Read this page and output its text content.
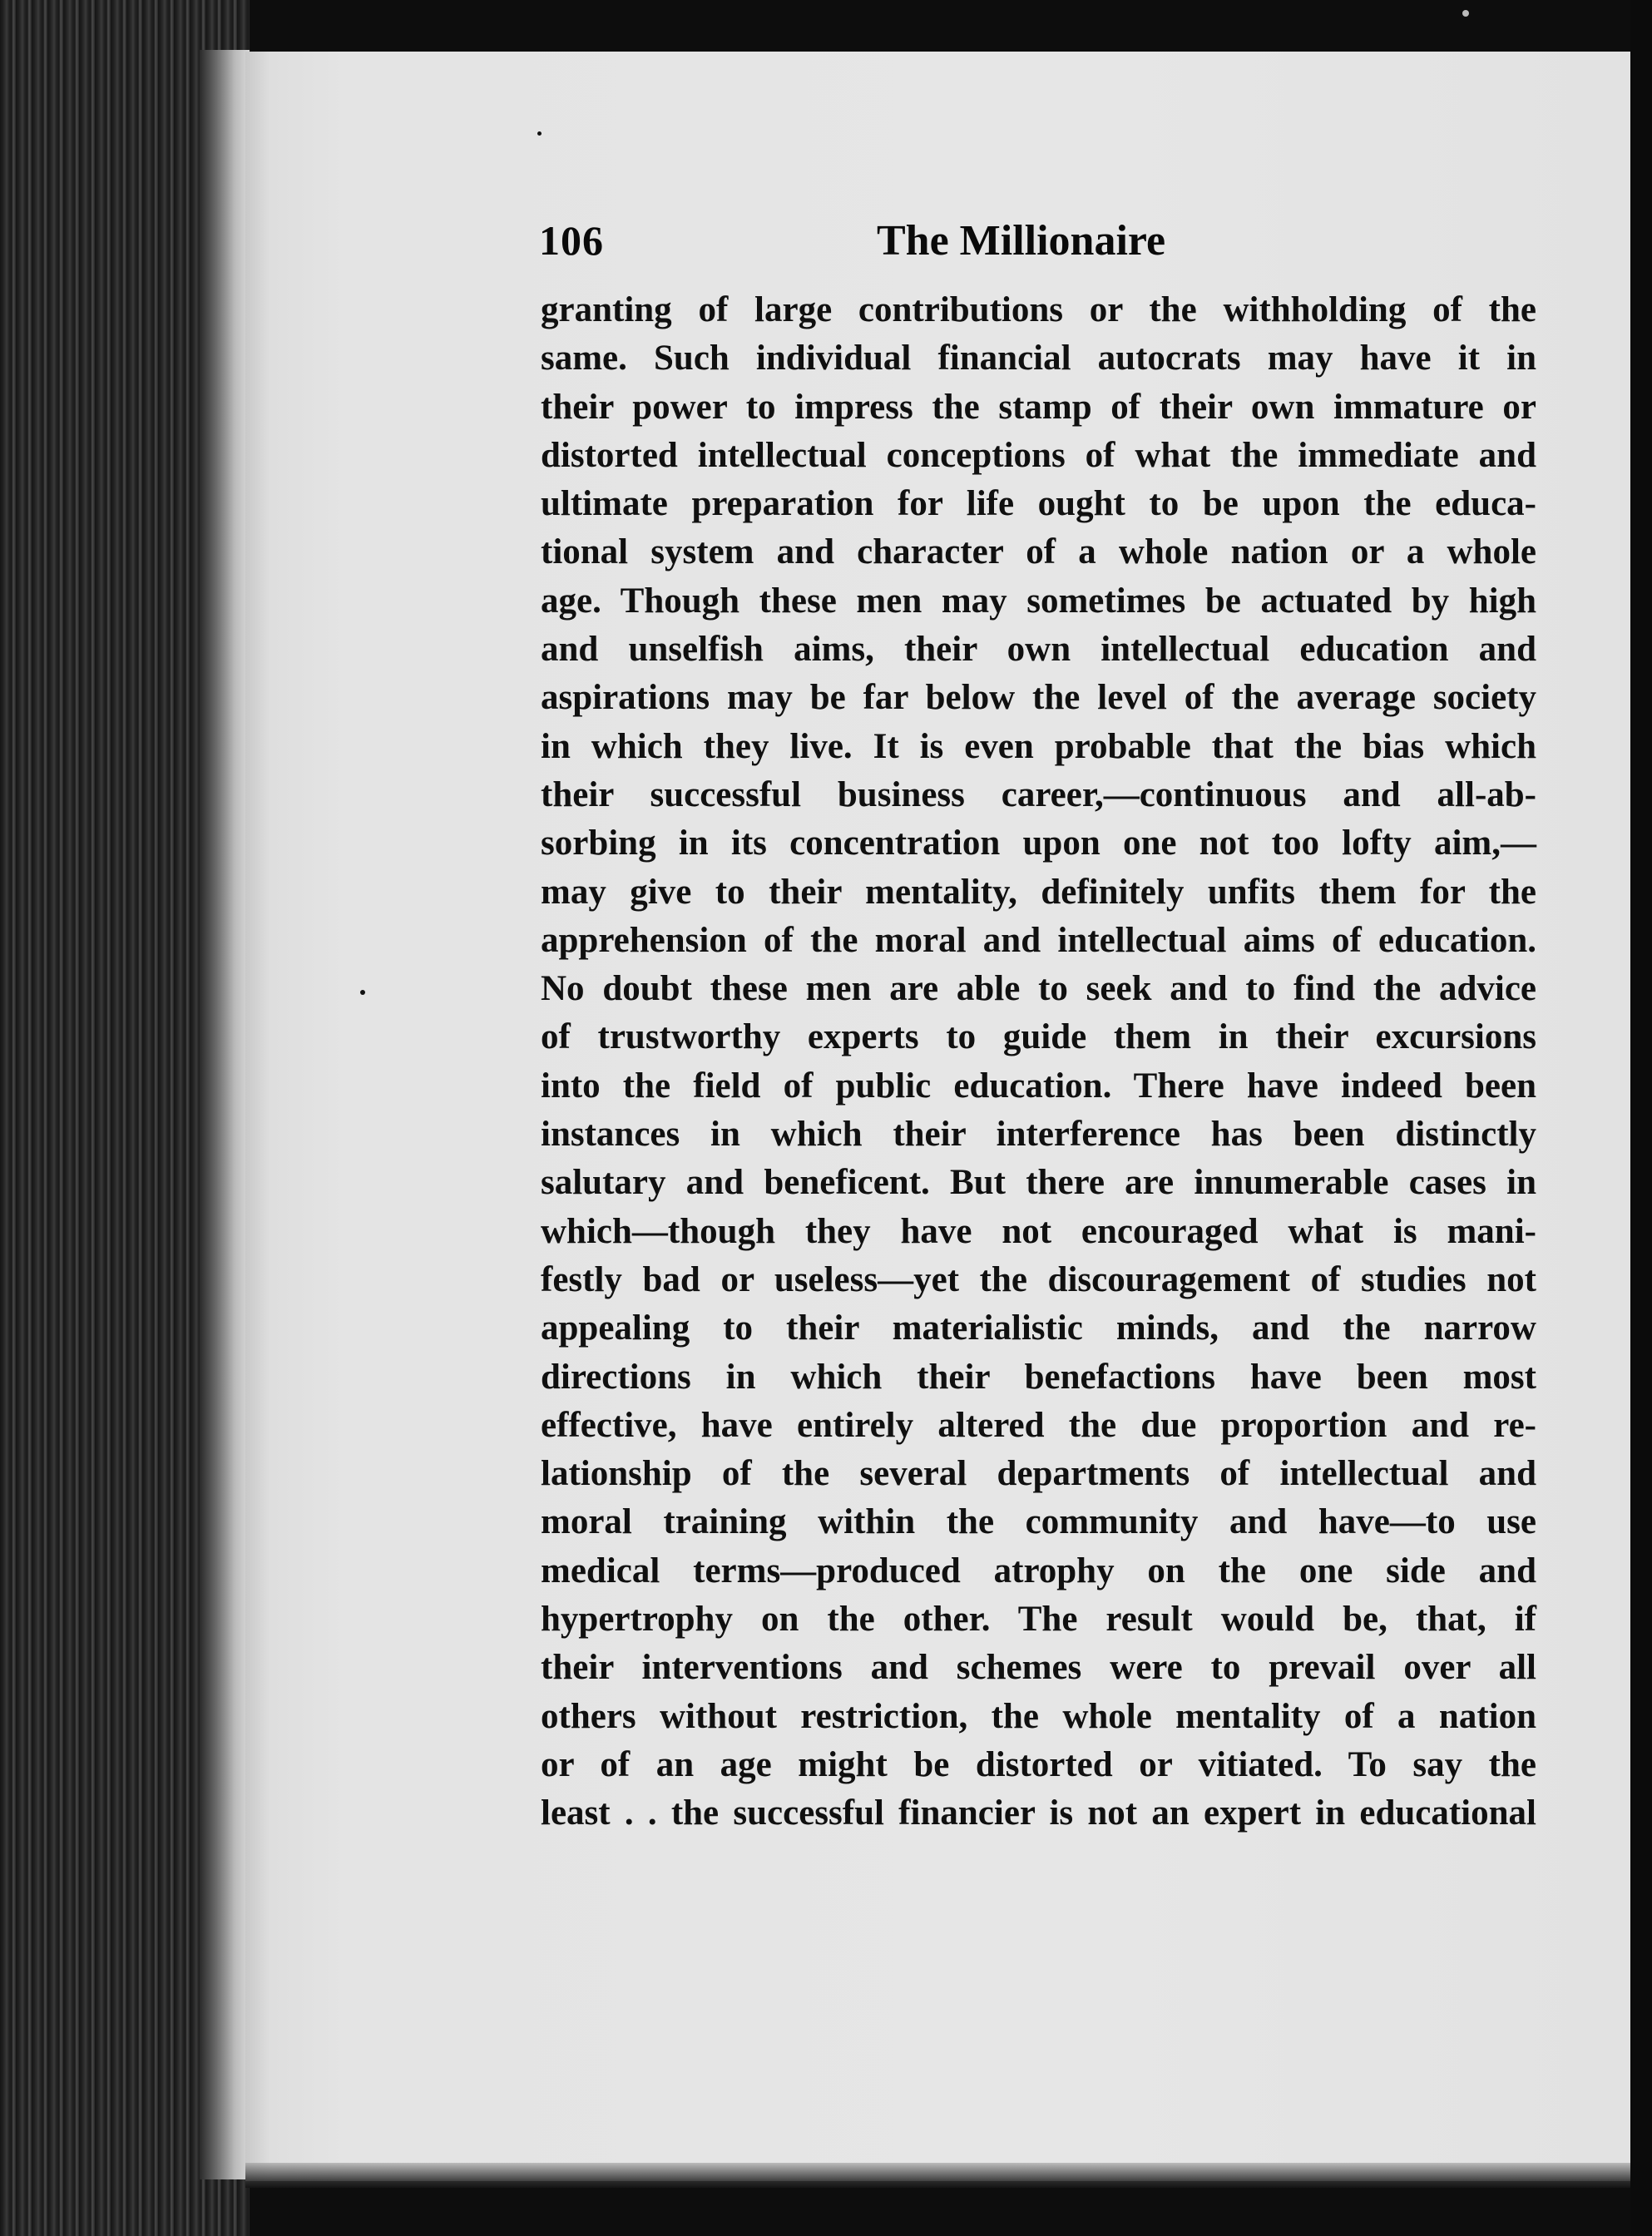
106	The Millionaire
granting of large contributions or the withholding of the
same. Such individual financial autocrats may have it in
their power to impress the stamp of their own immature or
distorted intellectual conceptions of what the immediate and
ultimate preparation for life ought to be upon the educa-
tional system and character of a whole nation or a whole
age. Though these men may sometimes be actuated by high
and unselfish aims, their own intellectual education and
aspirations may be far below the level of the average society
in which they live. It is even probable that the bias which
their successful business career,—continuous and all-ab-
sorbing in its concentration upon one not too lofty aim,—
may give to their mentality, definitely unfits them for the
apprehension of the moral and intellectual aims of education.
No doubt these men are able to seek and to find the advice
of trustworthy experts to guide them in their excursions
into the field of public education. There have indeed been
instances in which their interference has been distinctly
salutary and beneficent. But there are innumerable cases in
which—though they have not encouraged what is mani-
festly bad or useless—yet the discouragement of studies not
appealing to their materialistic minds, and the narrow
directions in which their benefactions have been most
effective, have entirely altered the due proportion and re-
lationship of the several departments of intellectual and
moral training within the community and have—to use
medical terms—produced atrophy on the one side and
hypertrophy on the other. The result would be, that, if
their interventions and schemes were to prevail over all
others without restriction, the whole mentality of a nation
or of an age might be distorted or vitiated. To say the
least . . the successful financier is not an expert in educational
